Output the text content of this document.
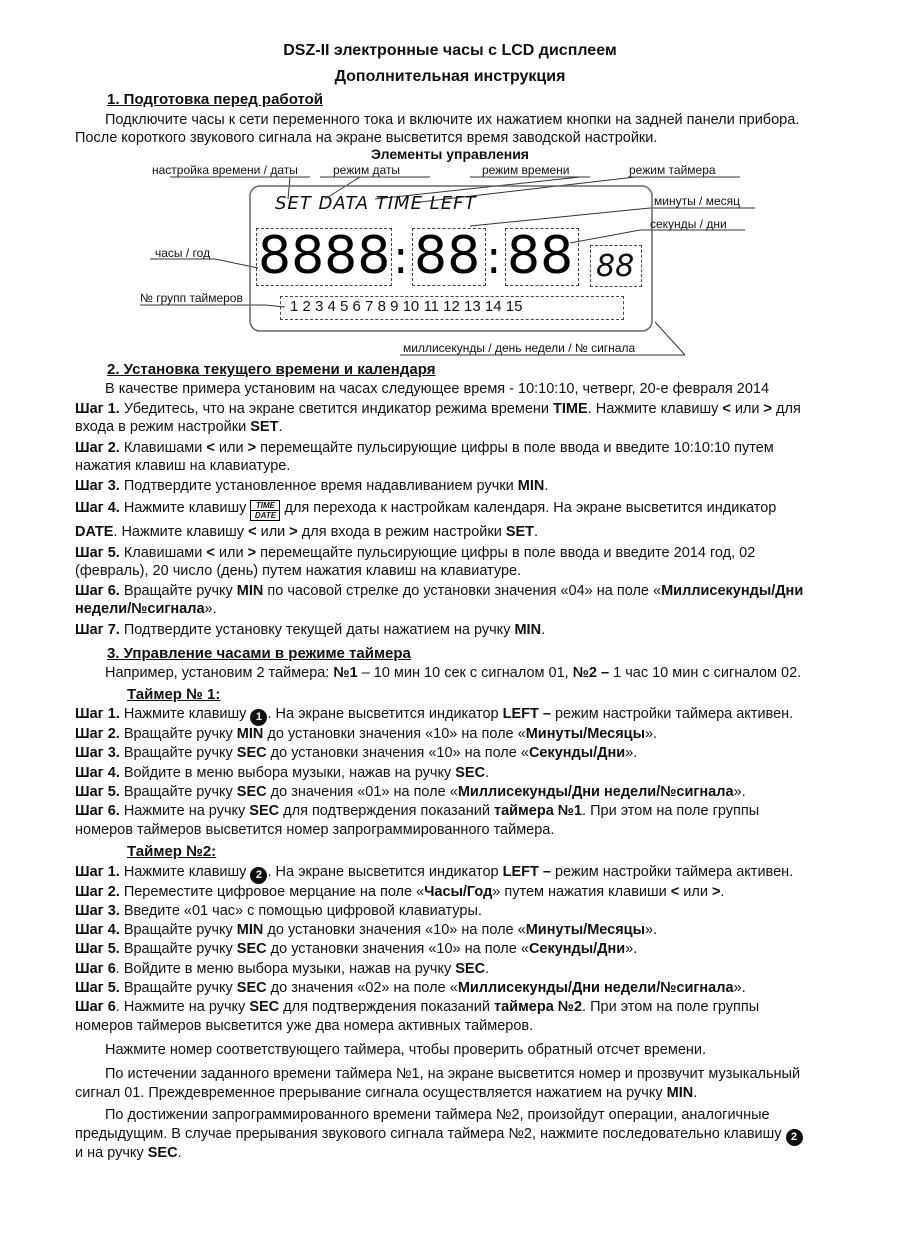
DSZ-II электронные часы с LCD дисплеем
Дополнительная инструкция
1. Подготовка перед работой
Подключите часы к сети переменного тока и включите их нажатием кнопки на задней панели прибора.
После короткого звукового сигнала на экране высветится время заводской настройки.
Элементы управления
настройка времени / даты	режим даты	режим времени	режим таймера
минуты / месяц
секунды / дни
часы / год
№ групп таймеров
миллисекунды / день недели / № сигнала
SET DATA TIME LEFT
8888 : 88 : 88 88
1 2 3 4 5 6 7 8 9 10 11 12 13 14 15
2. Установка текущего времени и календаря
В качестве примера установим на часах следующее время - 10:10:10, четверг, 20-е февраля 2014
Шаг 1. Убедитесь, что на экране светится индикатор режима времени TIME. Нажмите клавишу < или > для
входа в режим настройки SET.
Шаг 2. Клавишами < или > перемещайте пульсирующие цифры в поле ввода и введите 10:10:10 путем
нажатия клавиш на клавиатуре.
Шаг 3. Подтвердите установленное время надавливанием ручки MIN.
Шаг 4. Нажмите клавишу TIME
DATE для перехода к настройкам календаря. На экране высветится индикатор
DATE. Нажмите клавишу < или > для входа в режим настройки SET.
Шаг 5. Клавишами < или > перемещайте пульсирующие цифры в поле ввода и введите 2014 год, 02
(февраль), 20 число (день) путем нажатия клавиш на клавиатуре.
Шаг 6. Вращайте ручку MIN по часовой стрелке до установки значения «04» на поле «Миллисекунды/Дни
недели/№сигнала».
Шаг 7. Подтвердите установку текущей даты нажатием на ручку MIN.
3. Управление часами в режиме таймера
Например, установим 2 таймера: №1 – 10 мин 10 сек с сигналом 01, №2 – 1 час 10 мин с сигналом 02.
Таймер № 1:
Шаг 1. Нажмите клавишу 1 . На экране высветится индикатор LEFT – режим настройки таймера активен.
Шаг 2. Вращайте ручку MIN до установки значения «10» на поле «Минуты/Месяцы».
Шаг 3. Вращайте ручку SEC до установки значения «10» на поле «Секунды/Дни».
Шаг 4. Войдите в меню выбора музыки, нажав на ручку SEC.
Шаг 5. Вращайте ручку SEC до значения «01» на поле «Миллисекунды/Дни недели/№сигнала».
Шаг 6. Нажмите на ручку SEC для подтверждения показаний таймера №1. При этом на поле группы
номеров таймеров высветится номер запрограммированного таймера.
Таймер №2:
Шаг 1. Нажмите клавишу 2 . На экране высветится индикатор LEFT – режим настройки таймера активен.
Шаг 2. Переместите цифровое мерцание на поле «Часы/Год» путем нажатия клавиши < или >.
Шаг 3. Введите «01 час» с помощью цифровой клавиатуры.
Шаг 4. Вращайте ручку MIN до установки значения «10» на поле «Минуты/Месяцы».
Шаг 5. Вращайте ручку SEC до установки значения «10» на поле «Секунды/Дни».
Шаг 6. Войдите в меню выбора музыки, нажав на ручку SEC.
Шаг 5. Вращайте ручку SEC до значения «02» на поле «Миллисекунды/Дни недели/№сигнала».
Шаг 6. Нажмите на ручку SEC для подтверждения показаний таймера №2. При этом на поле группы
номеров таймеров высветится уже два номера активных таймеров.
Нажмите номер соответствующего таймера, чтобы проверить обратный отсчет времени.
По истечении заданного времени таймера №1, на экране высветится номер и прозвучит музыкальный
сигнал 01. Преждевременное прерывание сигнала осуществляется нажатием на ручку MIN.
По достижении запрограммированного времени таймера №2, произойдут операции, аналогичные
предыдущим. В случае прерывания звукового сигнала таймера №2, нажмите последовательно клавишу 2
и на ручку SEC.
